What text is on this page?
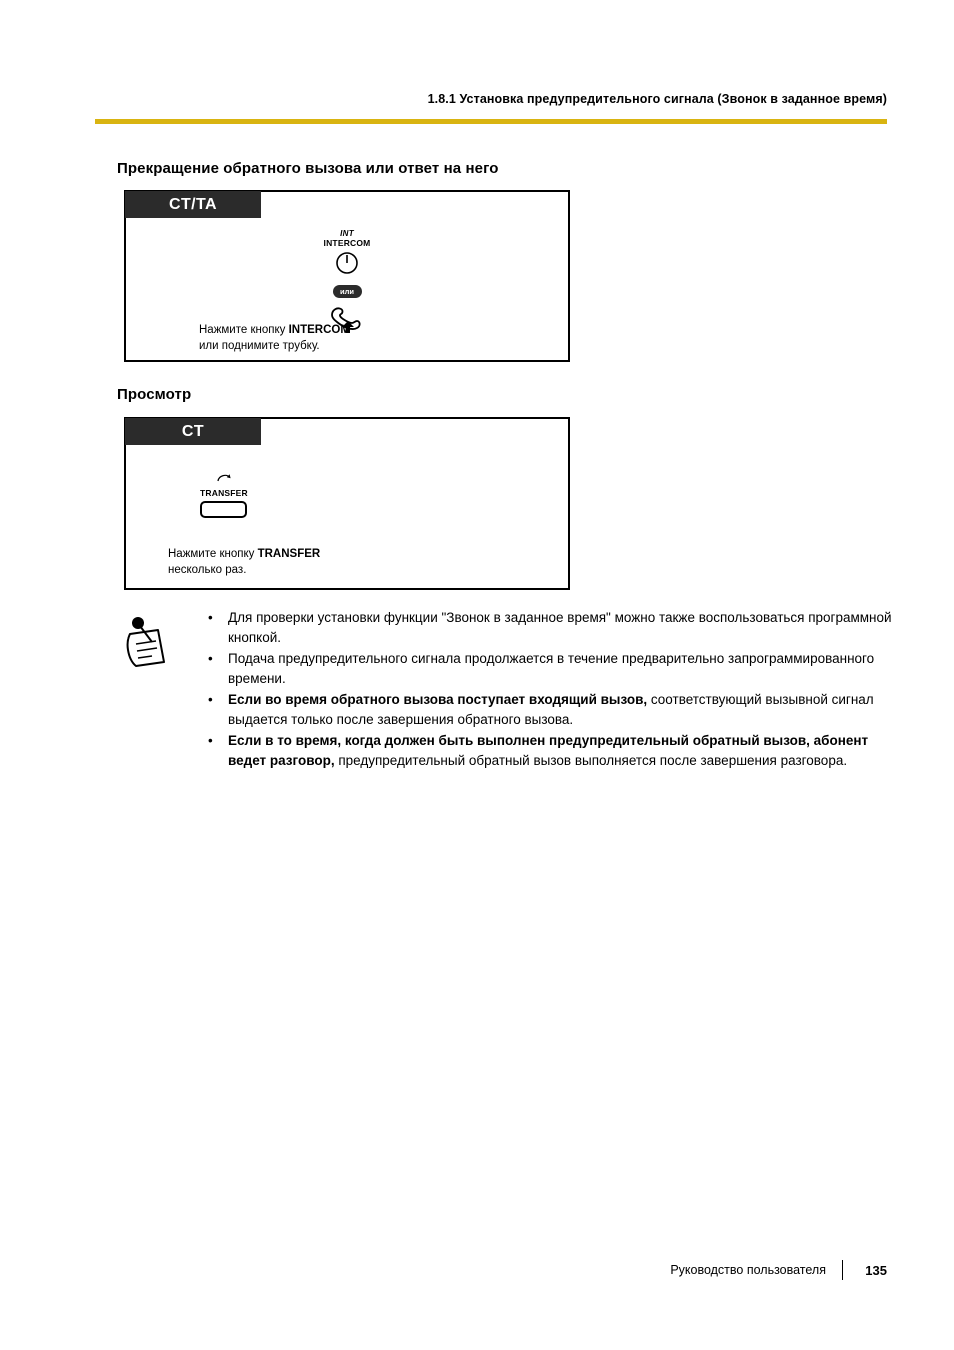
1.8.1 Установка предупредительного сигнала (Звонок в заданное время)
Прекращение обратного вызова или ответ на него
CT/TA
INT
INTERCOM
или
Нажмите кнопку INTERCOM
или поднимите трубку.
Просмотр
CT
TRANSFER
Нажмите кнопку TRANSFER
несколько раз.
• Для проверки установки функции "Звонок в заданное время" можно также воспользоваться программной кнопкой.
• Подача предупредительного сигнала продолжается в течение предварительно запрограммированного времени.
• Если во время обратного вызова поступает входящий вызов, соответствующий вызывной сигнал выдается только после завершения обратного вызова.
• Если в то время, когда должен быть выполнен предупредительный обратный вызов, абонент ведет разговор, предупредительный обратный вызов выполняется после завершения разговора.
Руководство пользователя	135
